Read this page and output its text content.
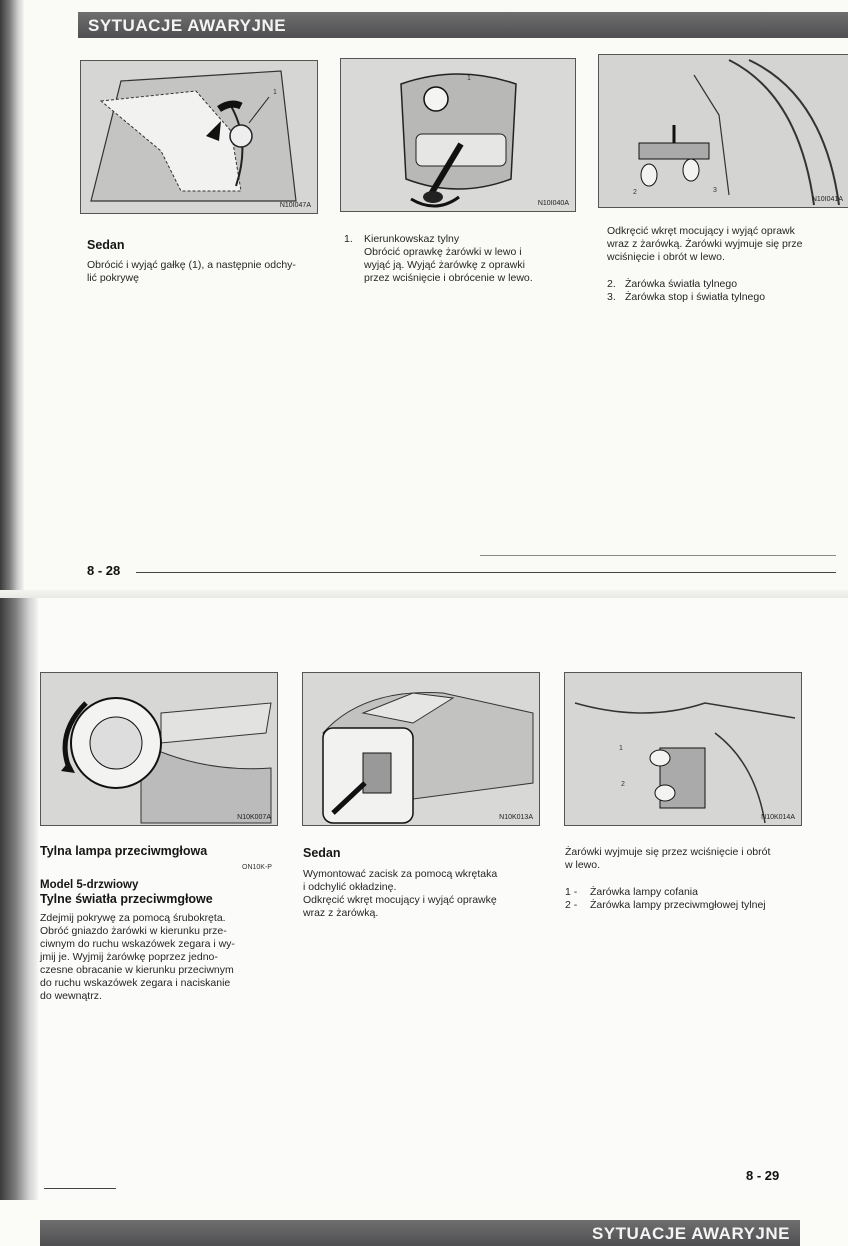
SYTUACJE AWARYJNE
1
N10I047A
1
N10I040A
2	3
N10I041A
Sedan
Obrócić i wyjąć gałkę (1), a następnie odchy-
lić pokrywę
1. Kierunkowskaz tylny
Obrócić oprawkę żarówki w lewo i
wyjąć ją. Wyjąć żarówkę z oprawki
przez wciśnięcie i obrócenie w lewo.
Odkręcić wkręt mocujący i wyjąć oprawk
wraz z żarówką. Żarówki wyjmuje się prze
wciśnięcie i obrót w lewo.
2. Żarówka światła tylnego
3. Żarówka stop i światła tylnego
8 - 28
SYTUACJE AWARYJNE
N10K007A	N10K013A
1
2
N10K014A
Tylna lampa przeciwmgłowa
ON10K-P
Model 5-drzwiowy
Tylne światła przeciwmgłowe
Zdejmij pokrywę za pomocą śrubokręta.
Obróć gniazdo żarówki w kierunku prze-
ciwnym do ruchu wskazówek zegara i wy-
jmij je. Wyjmij żarówkę poprzez jedno-
czesne obracanie w kierunku przeciwnym
do ruchu wskazówek zegara i naciskanie
do wewnątrz.
Sedan
Wymontować zacisk za pomocą wkrętaka
i odchylić okładzinę.
Odkręcić wkręt mocujący i wyjąć oprawkę
wraz z żarówką.
Żarówki wyjmuje się przez wciśnięcie i obrót
w lewo.
1 - Żarówka lampy cofania
2 - Żarówka lampy przeciwmgłowej tylnej
8 - 29
